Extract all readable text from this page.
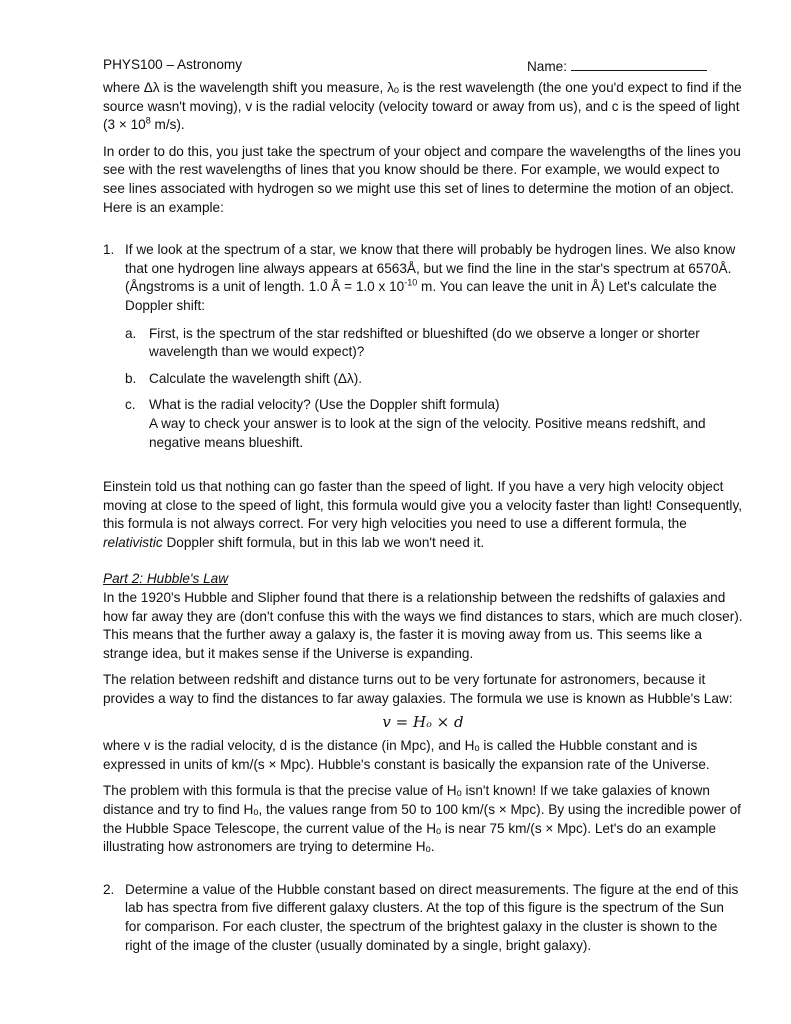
PHYS100 – Astronomy	Name:

where Δλ is the wavelength shift you measure, λₒ is the rest wavelength (the one you'd expect to find if the source wasn't moving), v is the radial velocity (velocity toward or away from us), and c is the speed of light ($3 \times 10^8$ m/s).

In order to do this, you just take the spectrum of your object and compare the wavelengths of the lines you see with the rest wavelengths of lines that you know should be there. For example, we would expect to see lines associated with hydrogen so we might use this set of lines to determine the motion of an object. Here is an example:

1. If we look at the spectrum of a star, we know that there will probably be hydrogen lines. We also know that one hydrogen line always appears at 6563Å, but we find the line in the star's spectrum at 6570Å. (Ångstroms is a unit of length. 1.0 Å = 1.0 x $10^{-10}$ m. You can leave the unit in Å) Let's calculate the Doppler shift:

a. First, is the spectrum of the star redshifted or blueshifted (do we observe a longer or shorter wavelength than we would expect)?
b. Calculate the wavelength shift (Δλ).
c. What is the radial velocity? (Use the Doppler shift formula)
A way to check your answer is to look at the sign of the velocity. Positive means redshift, and negative means blueshift.

Einstein told us that nothing can go faster than the speed of light. If you have a very high velocity object moving at close to the speed of light, this formula would give you a velocity faster than light! Consequently, this formula is not always correct. For very high velocities you need to use a different formula, the relativistic Doppler shift formula, but in this lab we won't need it.

Part 2: Hubble's Law

In the 1920's Hubble and Slipher found that there is a relationship between the redshifts of galaxies and how far away they are (don't confuse this with the ways we find distances to stars, which are much closer). This means that the further away a galaxy is, the faster it is moving away from us. This seems like a strange idea, but it makes sense if the Universe is expanding.

The relation between redshift and distance turns out to be very fortunate for astronomers, because it provides a way to find the distances to far away galaxies. The formula we use is known as Hubble's Law:

v = Hₒ × d

where v is the radial velocity, d is the distance (in Mpc), and Hₒ is called the Hubble constant and is expressed in units of km/(s × Mpc). Hubble's constant is basically the expansion rate of the Universe.

The problem with this formula is that the precise value of Hₒ isn't known! If we take galaxies of known distance and try to find Hₒ, the values range from 50 to 100 km/(s × Mpc). By using the incredible power of the Hubble Space Telescope, the current value of the Hₒ is near 75 km/(s × Mpc). Let's do an example illustrating how astronomers are trying to determine Hₒ.

2. Determine a value of the Hubble constant based on direct measurements. The figure at the end of this lab has spectra from five different galaxy clusters. At the top of this figure is the spectrum of the Sun for comparison. For each cluster, the spectrum of the brightest galaxy in the cluster is shown to the right of the image of the cluster (usually dominated by a single, bright galaxy).
